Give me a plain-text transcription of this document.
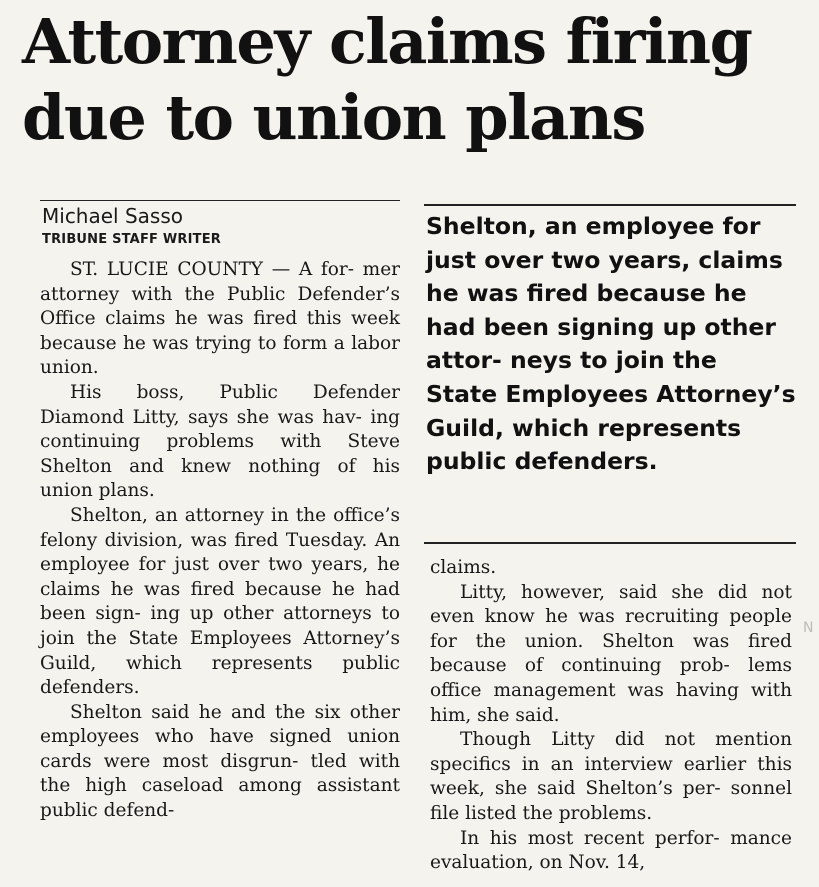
Attorney claims firing due to union plans
Michael Sasso
TRIBUNE STAFF WRITER

ST. LUCIE COUNTY — A for- mer attorney with the Public Defender’s Office claims he was fired this week because he was trying to form a labor union.

His boss, Public Defender Diamond Litty, says she was hav- ing continuing problems with Steve Shelton and knew nothing of his union plans.

Shelton, an attorney in the office’s felony division, was fired Tuesday. An employee for just over two years, he claims he was fired because he had been sign- ing up other attorneys to join the State Employees Attorney’s Guild, which represents public defenders.

Shelton said he and the six other employees who have signed union cards were most disgrun- tled with the high caseload among assistant public defend-

Shelton, an employee for just over two years, claims he was fired because he had been signing up other attor- neys to join the State Employees Attorney’s Guild, which represents public defenders.

claims.

Litty, however, said she did not even know he was recruiting people for the union. Shelton was fired because of continuing prob- lems office management was having with him, she said.

Though Litty did not mention specifics in an interview earlier this week, she said Shelton’s per- sonnel file listed the problems.

In his most recent perfor- mance evaluation, on Nov. 14,

N
